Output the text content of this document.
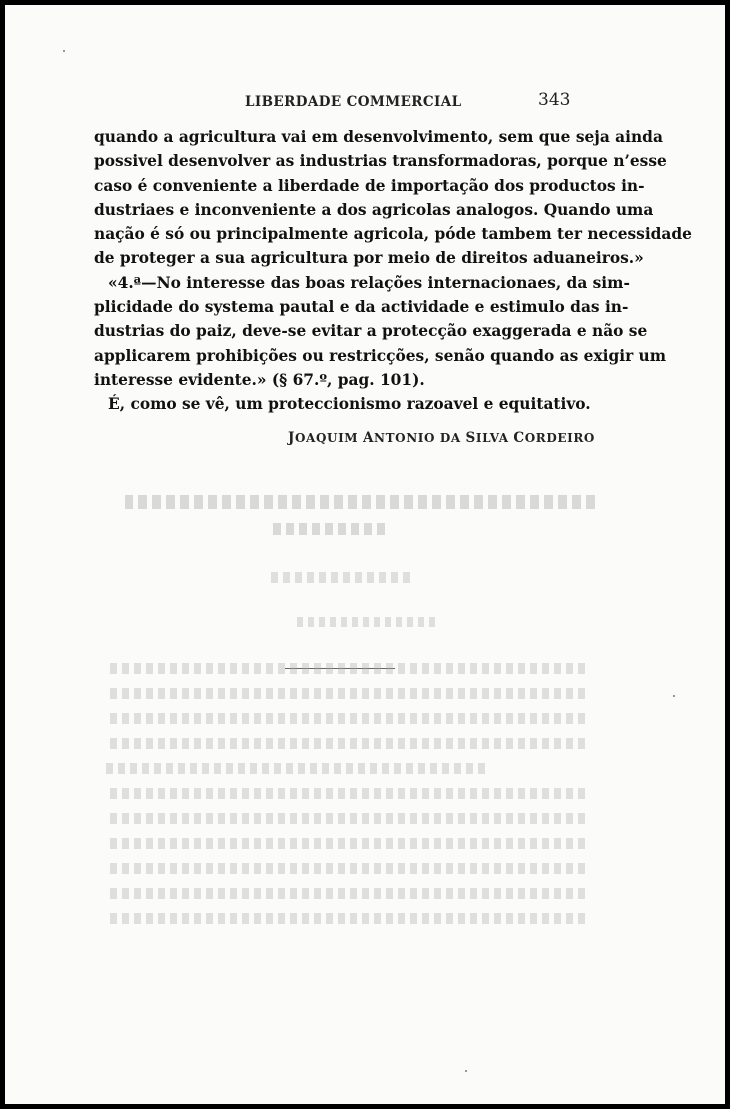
LIBERDADE COMMERCIAL	343
quando a agricultura vai em desenvolvimento, sem que seja ainda
possivel desenvolver as industrias transformadoras, porque n’esse
caso é conveniente a liberdade de importação dos productos in-
dustriaes e inconveniente a dos agricolas analogos. Quando uma
nação é só ou principalmente agricola, póde tambem ter necessidade
de proteger a sua agricultura por meio de direitos aduaneiros.»
«4.ª—No interesse das boas relações internacionaes, da sim-
plicidade do systema pautal e da actividade e estimulo das in-
dustrias do paiz, deve-se evitar a protecção exaggerada e não se
applicarem prohibições ou restricções, senão quando as exigir um
interesse evidente.» (§ 67.º, pag. 101).
É, como se vê, um proteccionismo razoavel e equitativo.
JOAQUIM ANTONIO DA SILVA CORDEIRO
